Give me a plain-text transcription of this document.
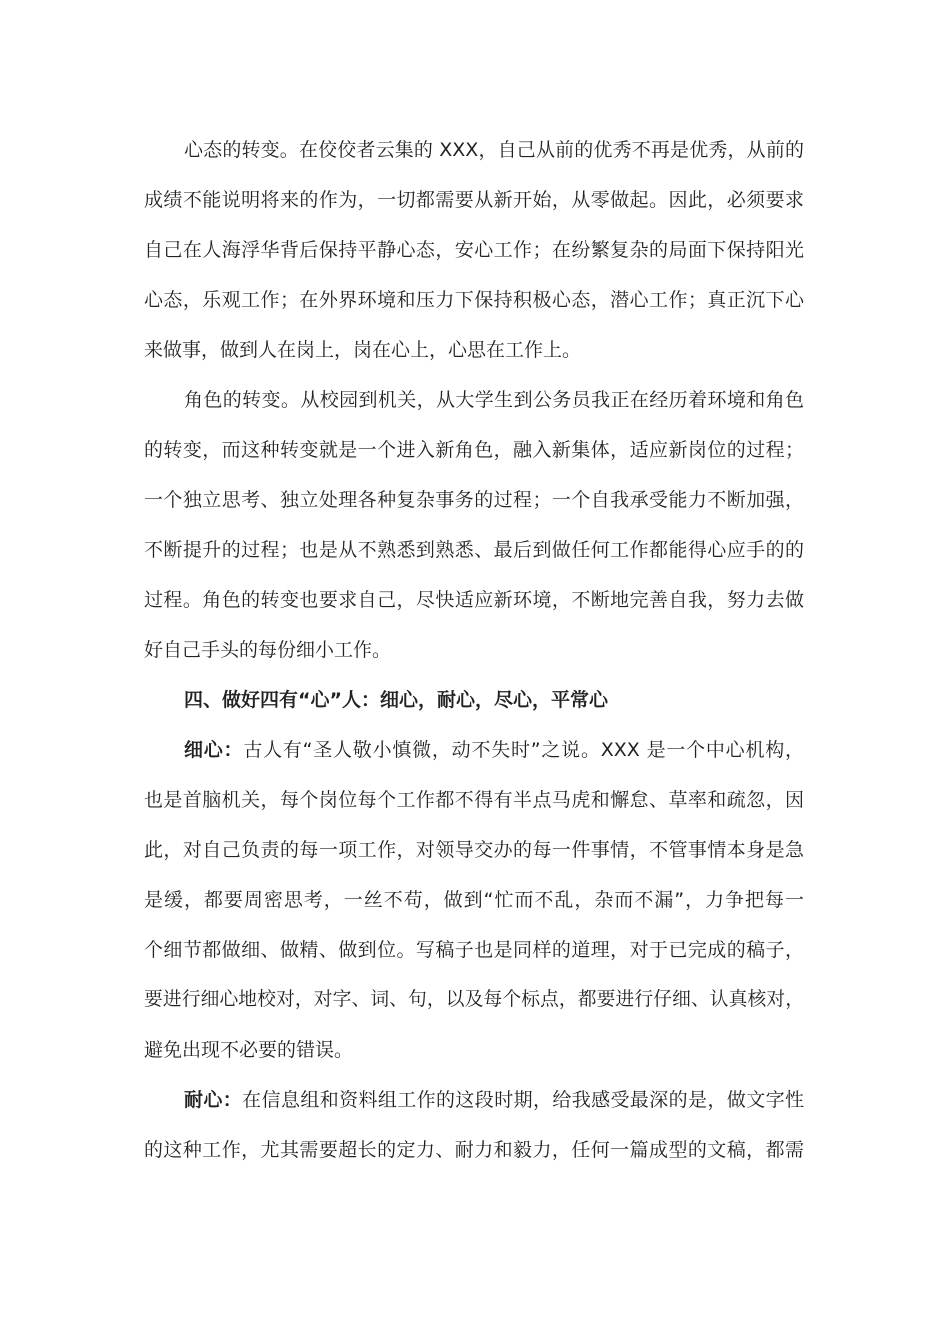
心态的转变。在佼佼者云集的 XXX，自己从前的优秀不再是优秀，从前的
成绩不能说明将来的作为，一切都需要从新开始，从零做起。因此，必须要求
自己在人海浮华背后保持平静心态，安心工作；在纷繁复杂的局面下保持阳光
心态，乐观工作；在外界环境和压力下保持积极心态，潜心工作；真正沉下心
来做事，做到人在岗上，岗在心上，心思在工作上。
角色的转变。从校园到机关，从大学生到公务员我正在经历着环境和角色
的转变，而这种转变就是一个进入新角色，融入新集体，适应新岗位的过程；
一个独立思考、独立处理各种复杂事务的过程；一个自我承受能力不断加强，
不断提升的过程；也是从不熟悉到熟悉、最后到做任何工作都能得心应手的的
过程。角色的转变也要求自己，尽快适应新环境，不断地完善自我，努力去做
好自己手头的每份细小工作。
四、做好四有“心”人：细心，耐心，尽心，平常心
细心：古人有“圣人敬小慎微，动不失时”之说。XXX 是一个中心机构，
也是首脑机关，每个岗位每个工作都不得有半点马虎和懈怠、草率和疏忽，因
此，对自己负责的每一项工作，对领导交办的每一件事情，不管事情本身是急
是缓，都要周密思考，一丝不苟，做到“忙而不乱，杂而不漏”，力争把每一
个细节都做细、做精、做到位。写稿子也是同样的道理，对于已完成的稿子，
要进行细心地校对，对字、词、句，以及每个标点，都要进行仔细、认真核对，
避免出现不必要的错误。
耐心：在信息组和资料组工作的这段时期，给我感受最深的是，做文字性
的这种工作，尤其需要超长的定力、耐力和毅力，任何一篇成型的文稿，都需
